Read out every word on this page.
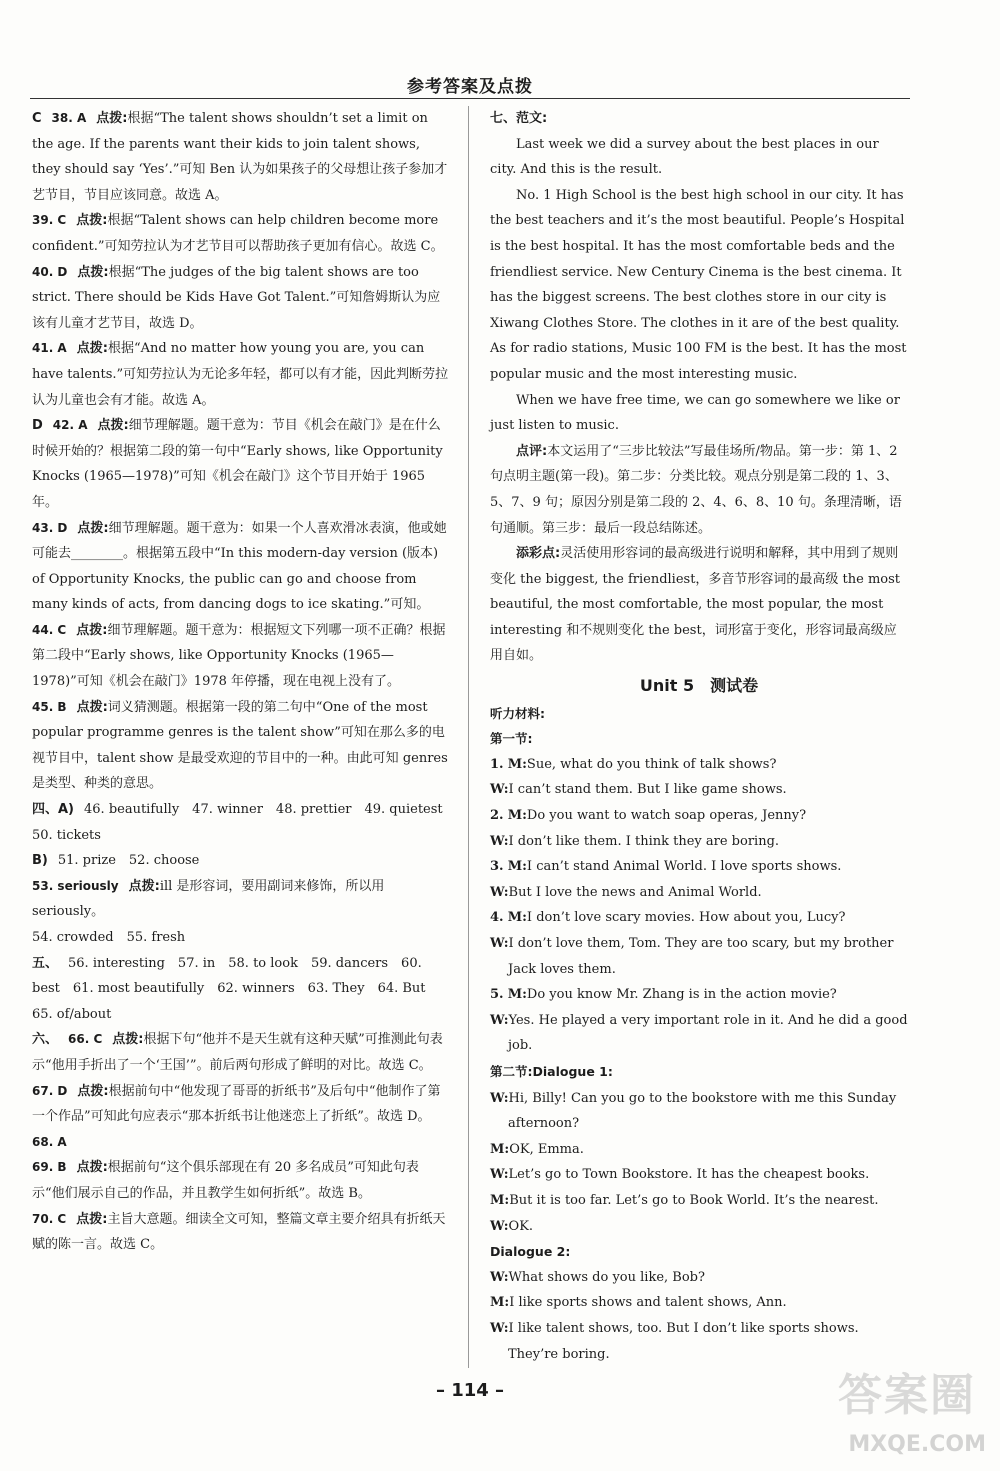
参考答案及点拨

C 38. A 点拨:根据“The talent shows shouldn’t set a limit on the age. If the parents want their kids to join talent shows, they should say ‘Yes’.”可知 Ben 认为如果孩子的父母想让孩子参加才艺节目，节目应该同意。故选 A。

39. C 点拨:根据“Talent shows can help children become more confident.”可知劳拉认为才艺节目可以帮助孩子更加有信心。故选 C。

40. D 点拨:根据“The judges of the big talent shows are too strict. There should be Kids Have Got Talent.”可知詹姆斯认为应该有儿童才艺节目，故选 D。

41. A 点拨:根据“And no matter how young you are, you can have talents.”可知劳拉认为无论多年轻，都可以有才能，因此判断劳拉认为儿童也会有才能。故选 A。

D 42. A 点拨:细节理解题。题干意为：节目《机会在敲门》是在什么时候开始的？根据第二段的第一句中“Early shows, like Opportunity Knocks (1965—1978)”可知《机会在敲门》这个节目开始于 1965 年。

43. D 点拨:细节理解题。题干意为：如果一个人喜欢滑冰表演，他或她可能去________。根据第五段中“In this modern-day version (版本) of Opportunity Knocks, the public can go and choose from many kinds of acts, from dancing dogs to ice skating.”可知。

44. C 点拨:细节理解题。题干意为：根据短文下列哪一项不正确？根据第二段中“Early shows, like Opportunity Knocks (1965—1978)”可知《机会在敲门》1978 年停播，现在电视上没有了。

45. B 点拨:词义猜测题。根据第一段的第二句中“One of the most popular programme genres is the talent show”可知在那么多的电视节目中，talent show 是最受欢迎的节目中的一种。由此可知 genres 是类型、种类的意思。

四、A) 46. beautifully　47. winner　48. prettier　49. quietest　50. tickets

B) 51. prize　52. choose

53. seriously 点拨:ill 是形容词，要用副词来修饰，所以用seriously。

54. crowded　55. fresh

五、 56. interesting　57. in　58. to look　59. dancers　60. best　61. most beautifully　62. winners　63. They　64. But　65. of/about

六、 66. C 点拨:根据下句“他并不是天生就有这种天赋”可推测此句表示“他用手折出了一个‘王国’”。前后两句形成了鲜明的对比。故选 C。

67. D 点拨:根据前句中“他发现了哥哥的折纸书”及后句中“他制作了第一个作品”可知此句应表示“那本折纸书让他迷恋上了折纸”。故选 D。

68. A

69. B 点拨:根据前句“这个俱乐部现在有 20 多名成员”可知此句表示“他们展示自己的作品，并且教学生如何折纸”。故选 B。

70. C 点拨:主旨大意题。细读全文可知，整篇文章主要介绍具有折纸天赋的陈一言。故选 C。

七、范文:

Last week we did a survey about the best places in our city. And this is the result.

No. 1 High School is the best high school in our city. It has the best teachers and it’s the most beautiful. People’s Hospital is the best hospital. It has the most comfortable beds and the friendliest service. New Century Cinema is the best cinema. It has the biggest screens. The best clothes store in our city is Xiwang Clothes Store. The clothes in it are of the best quality. As for radio stations, Music 100 FM is the best. It has the most popular music and the most interesting music.

When we have free time, we can go somewhere we like or just listen to music.

点评:本文运用了“三步比较法”写最佳场所/物品。第一步：第 1、2 句点明主题(第一段)。第二步：分类比较。观点分别是第二段的 1、3、5、7、9 句；原因分别是第二段的 2、4、6、8、10 句。条理清晰，语句通顺。第三步：最后一段总结陈述。

添彩点:灵活使用形容词的最高级进行说明和解释，其中用到了规则变化 the biggest, the friendliest，多音节形容词的最高级 the most beautiful, the most comfortable, the most popular, the most interesting 和不规则变化 the best，词形富于变化，形容词最高级应用自如。

Unit 5　测试卷
听力材料:
第一节:

1. M:Sue, what do you think of talk shows?

W:I can’t stand them. But I like game shows.

2. M:Do you want to watch soap operas, Jenny?

W:I don’t like them. I think they are boring.

3. M:I can’t stand Animal World. I love sports shows.

W:But I love the news and Animal World.

4. M:I don’t love scary movies. How about you, Lucy?

W:I don’t love them, Tom. They are too scary, but my brother Jack loves them.

5. M:Do you know Mr. Zhang is in the action movie?

W:Yes. He played a very important role in it. And he did a good job.

第二节:Dialogue 1:

W:Hi, Billy! Can you go to the bookstore with me this Sunday afternoon?

M:OK, Emma.

W:Let’s go to Town Bookstore. It has the cheapest books.

M:But it is too far. Let’s go to Book World. It’s the nearest.

W:OK.

Dialogue 2:

W:What shows do you like, Bob?

M:I like sports shows and talent shows, Ann.

W:I like talent shows, too. But I don’t like sports shows. They’re boring.

– 114 –	答案圈
MXQE.COM
